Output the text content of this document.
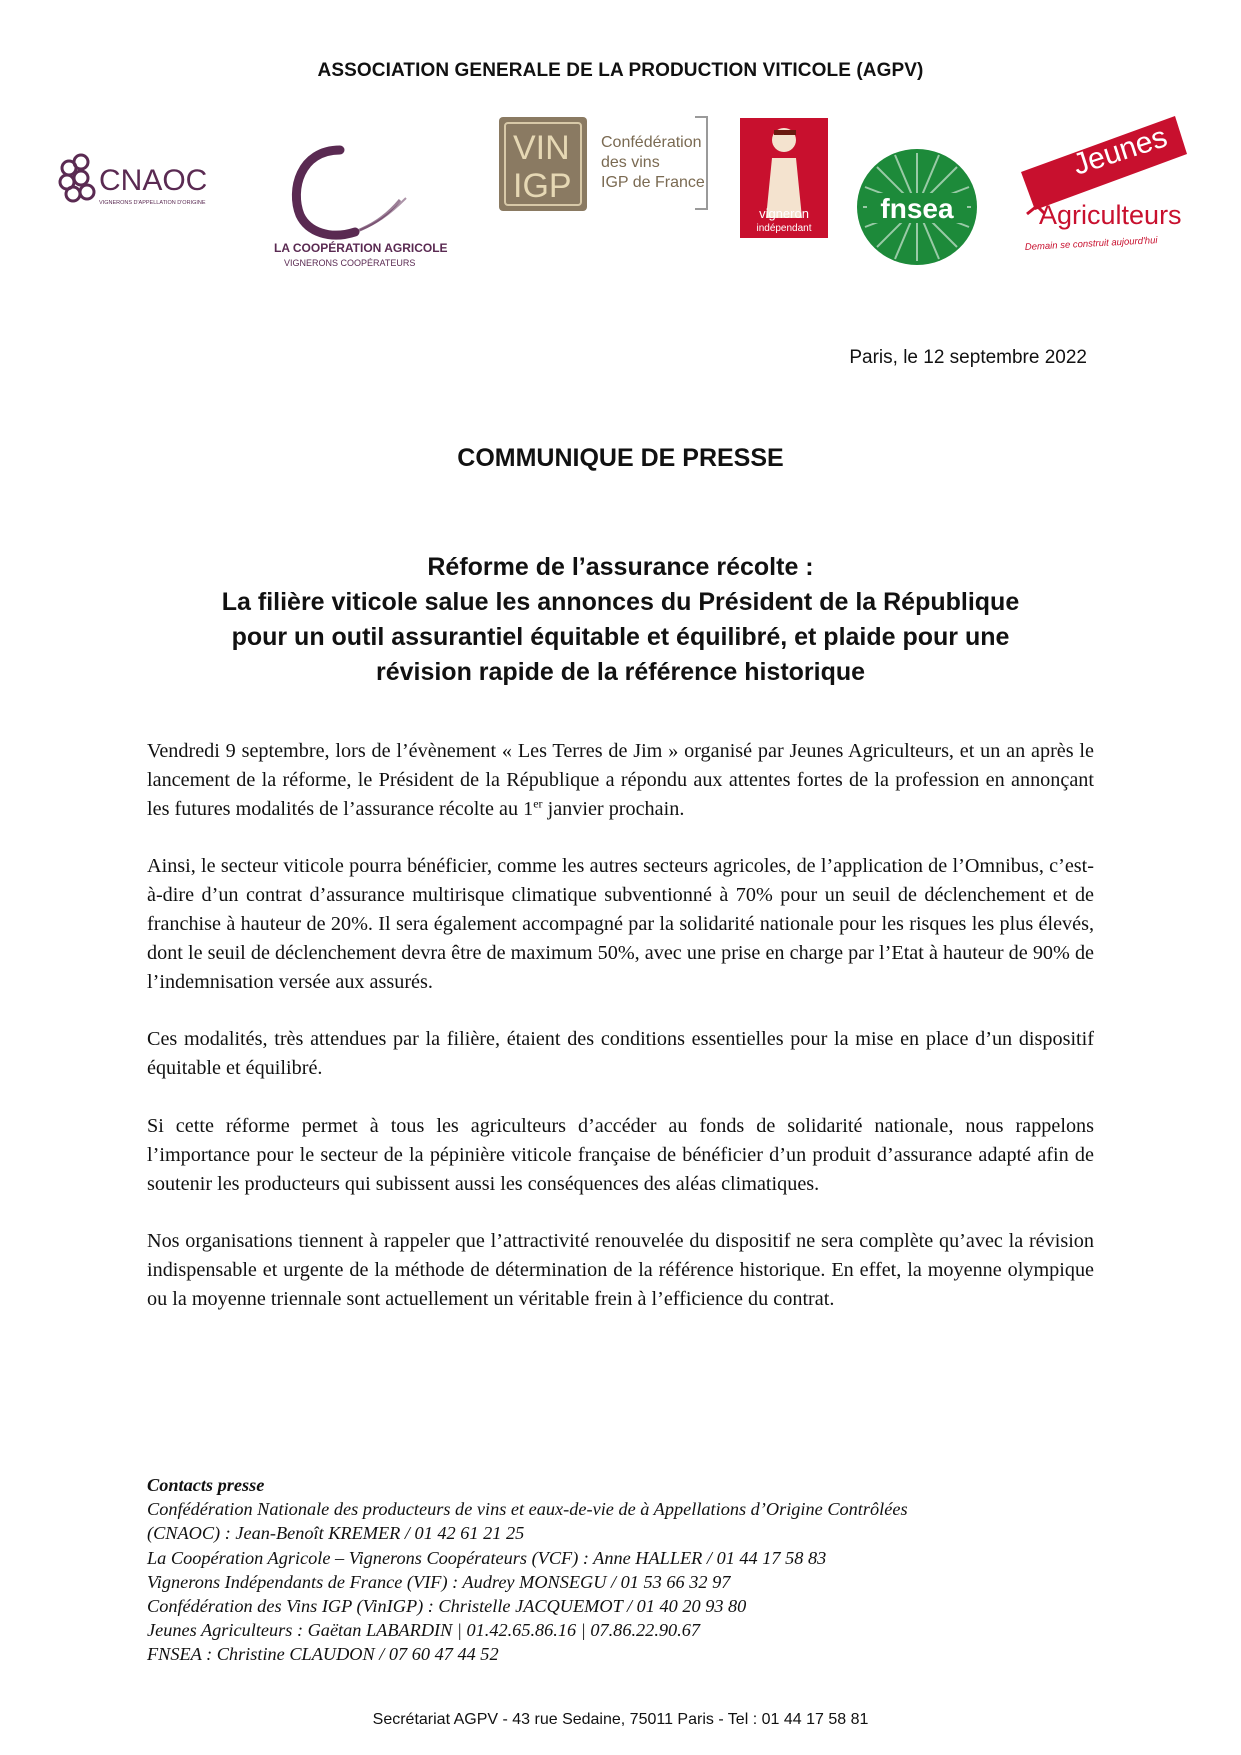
ASSOCIATION GENERALE DE LA PRODUCTION VITICOLE (AGPV)
CNAOC
VIGNERONS D'APPELLATION D'ORIGINE
LA COOPÉRATION AGRICOLE
VIGNERONS COOPÉRATEURS
VIN
IGP
Confédération
des vins
IGP de France
vigneron
indépendant
fnsea
Jeunes
Agriculteurs
Demain se construit aujourd'hui
Paris, le 12 septembre 2022
COMMUNIQUE DE PRESSE
Réforme de l’assurance récolte :
La filière viticole salue les annonces du Président de la République
pour un outil assurantiel équitable et équilibré, et plaide pour une
révision rapide de la référence historique

Vendredi 9 septembre, lors de l’évènement « Les Terres de Jim » organisé par Jeunes Agriculteurs, et un an après le lancement de la réforme, le Président de la République a répondu aux attentes fortes de la profession en annonçant les futures modalités de l’assurance récolte au 1er janvier prochain.

Ainsi, le secteur viticole pourra bénéficier, comme les autres secteurs agricoles, de l’application de l’Omnibus, c’est-à-dire d’un contrat d’assurance multirisque climatique subventionné à 70% pour un seuil de déclenchement et de franchise à hauteur de 20%. Il sera également accompagné par la solidarité nationale pour les risques les plus élevés, dont le seuil de déclenchement devra être de maximum 50%, avec une prise en charge par l’Etat à hauteur de 90% de l’indemnisation versée aux assurés.

Ces modalités, très attendues par la filière, étaient des conditions essentielles pour la mise en place d’un dispositif équitable et équilibré.

Si cette réforme permet à tous les agriculteurs d’accéder au fonds de solidarité nationale, nous rappelons l’importance pour le secteur de la pépinière viticole française de bénéficier d’un produit d’assurance adapté afin de soutenir les producteurs qui subissent aussi les conséquences des aléas climatiques.

Nos organisations tiennent à rappeler que l’attractivité renouvelée du dispositif ne sera complète qu’avec la révision indispensable et urgente de la méthode de détermination de la référence historique. En effet, la moyenne olympique ou la moyenne triennale sont actuellement un véritable frein à l’efficience du contrat.

Contacts presse
Confédération Nationale des producteurs de vins et eaux-de-vie de à Appellations d’Origine Contrôlées
(CNAOC) : Jean-Benoît KREMER / 01 42 61 21 25
La Coopération Agricole – Vignerons Coopérateurs (VCF) : Anne HALLER / 01 44 17 58 83
Vignerons Indépendants de France (VIF) : Audrey MONSEGU / 01 53 66 32 97
Confédération des Vins IGP (VinIGP) : Christelle JACQUEMOT / 01 40 20 93 80
Jeunes Agriculteurs : Gaëtan LABARDIN | 01.42.65.86.16 | 07.86.22.90.67
FNSEA : Christine CLAUDON / 07 60 47 44 52
Secrétariat AGPV - 43 rue Sedaine, 75011 Paris - Tel : 01 44 17 58 81
